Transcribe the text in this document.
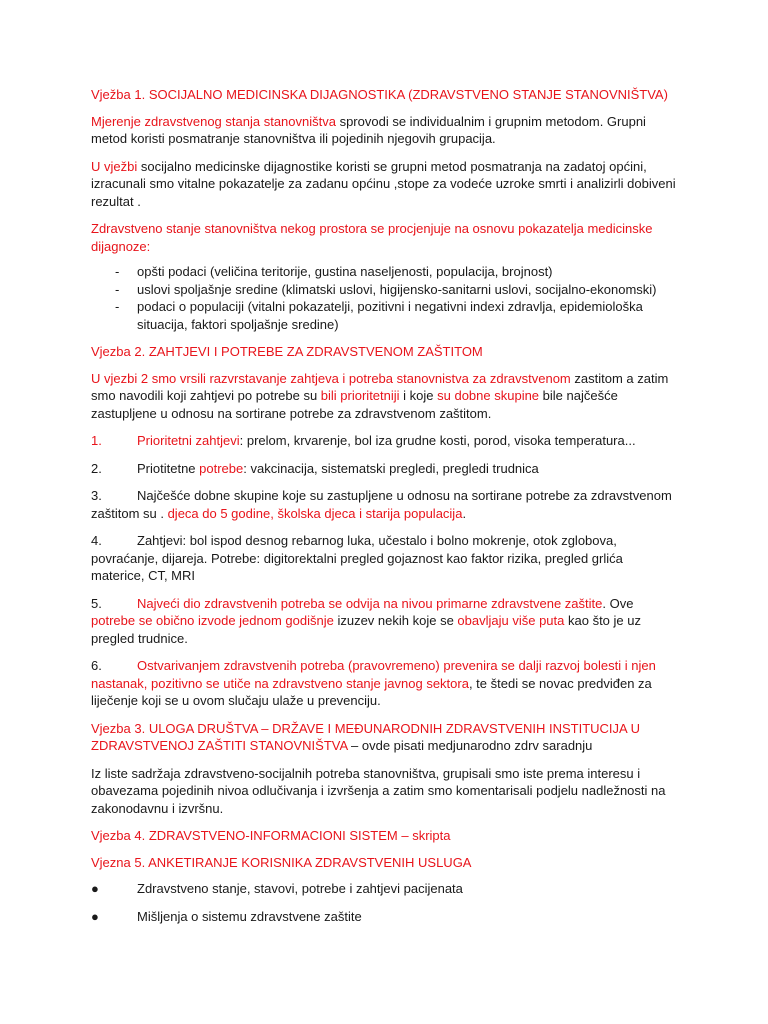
Vježba 1. SOCIJALNO MEDICINSKA DIJAGNOSTIKA (ZDRAVSTVENO STANJE STANOVNIŠTVA)

Mjerenje zdravstvenog stanja stanovništva sprovodi se individualnim i grupnim metodom. Grupni metod koristi posmatranje stanovništva ili pojedinih njegovih grupacija.

U vježbi socijalno medicinske dijagnostike koristi se grupni metod posmatranja na zadatoj općini, izracunali smo vitalne pokazatelje za zadanu općinu ,stope za vodeće uzroke smrti i analizirli dobiveni rezultat .

Zdravstveno stanje stanovništva nekog prostora se procjenjuje na osnovu pokazatelja medicinske dijagnoze:

- opšti podaci (veličina teritorije, gustina naseljenosti, populacija, brojnost)
- uslovi spoljašnje sredine (klimatski uslovi, higijensko-sanitarni uslovi, socijalno-ekonomski)
- podaci o populaciji (vitalni pokazatelji, pozitivni i negativni indexi zdravlja, epidemiološka situacija, faktori spoljašnje sredine)

Vjezba 2. ZAHTJEVI I POTREBE ZA ZDRAVSTVENOM ZAŠTITOM

U vjezbi 2 smo vrsili razvrstavanje zahtjeva i potreba stanovnistva za zdravstvenom zastitom a zatim smo navodili koji zahtjevi po potrebe su bili prioritetniji i koje su dobne skupine bile najčešće zastupljene u odnosu na sortirane potrebe za zdravstvenom zaštitom.

1.	Prioritetni zahtjevi: prelom, krvarenje, bol iza grudne kosti, porod, visoka temperatura...

2.	Priotitetne potrebe: vakcinacija, sistematski pregledi, pregledi trudnica

3.	Najčešće dobne skupine koje su zastupljene u odnosu na sortirane potrebe za zdravstvenom zaštitom su . djeca do 5 godine, školska djeca i starija populacija.

4.	Zahtjevi: bol ispod desnog rebarnog luka, učestalo i bolno mokrenje, otok zglobova, povraćanje, dijareja. Potrebe: digitorektalni pregled gojaznost kao faktor rizika, pregled grlića materice, CT, MRI

5.	Najveći dio zdravstvenih potreba se odvija na nivou primarne zdravstvene zaštite. Ove potrebe se obično izvode jednom godišnje izuzev nekih koje se obavljaju više puta kao što je uz pregled trudnice.

6.	Ostvarivanjem zdravstvenih potreba (pravovremeno) prevenira se dalji razvoj bolesti i njen nastanak, pozitivno se utiče na zdravstveno stanje javnog sektora, te štedi se novac predviđen za liječenje koji se u ovom slučaju ulaže u prevenciju.

Vjezba 3. ULOGA DRUŠTVA – DRŽAVE I MEĐUNARODNIH ZDRAVSTVENIH INSTITUCIJA U ZDRAVSTVENOJ ZAŠTITI STANOVNIŠTVA – ovde pisati medjunarodno zdrv saradnju

Iz liste sadržaja zdravstveno-socijalnih potreba stanovništva, grupisali smo iste prema interesu i obavezama pojedinih nivoa odlučivanja i izvršenja a zatim smo komentarisali podjelu nadležnosti na zakonodavnu i izvršnu.

Vjezba 4. ZDRAVSTVENO-INFORMACIONI SISTEM – skripta

Vjezna 5. ANKETIRANJE KORISNIKA ZDRAVSTVENIH USLUGA

●	Zdravstveno stanje, stavovi, potrebe i zahtjevi pacijenata

●	Mišljenja o sistemu zdravstvene zaštite
